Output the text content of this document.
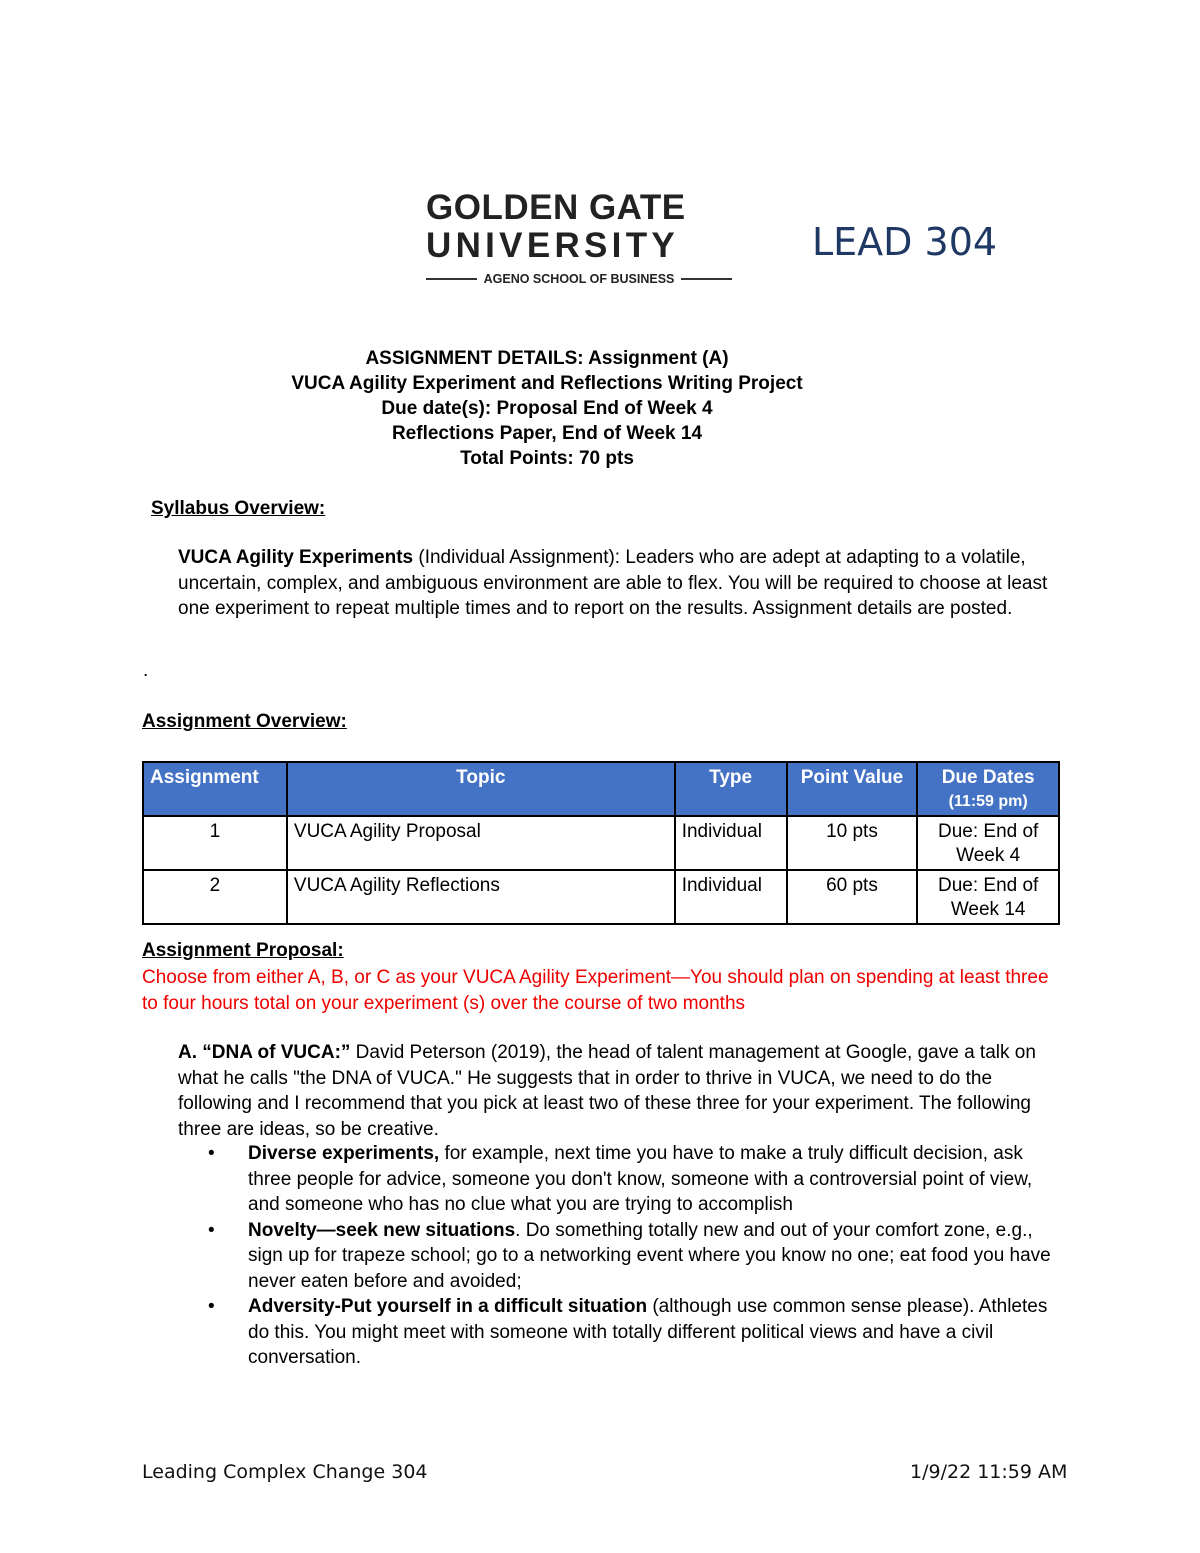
GOLDEN GATE
UNIVERSITY
AGENO SCHOOL OF BUSINESS
LEAD 304
ASSIGNMENT DETAILS: Assignment (A)
VUCA Agility Experiment and Reflections Writing Project
Due date(s): Proposal End of Week 4
Reflections Paper, End of Week 14
Total Points: 70 pts
Syllabus Overview:
VUCA Agility Experiments (Individual Assignment): Leaders who are adept at adapting to a volatile, uncertain, complex, and ambiguous environment are able to flex. You will be required to choose at least one experiment to repeat multiple times and to report on the results. Assignment details are posted.
.
Assignment Overview:
Assignment	Topic	Type	Point Value	Due Dates
(11:59 pm)

1	VUCA Agility Proposal	Individual	10 pts	Due: End of Week 4
2	VUCA Agility Reflections	Individual	60 pts	Due: End of Week 14
Assignment Proposal:
Choose from either A, B, or C as your VUCA Agility Experiment—You should plan on spending at least three to four hours total on your experiment (s) over the course of two months
A. “DNA of VUCA:” David Peterson (2019), the head of talent management at Google, gave a talk on what he calls "the DNA of VUCA." He suggests that in order to thrive in VUCA, we need to do the following and I recommend that you pick at least two of these three for your experiment. The following three are ideas, so be creative.
• Diverse experiments, for example, next time you have to make a truly difficult decision, ask three people for advice, someone you don't know, someone with a controversial point of view, and someone who has no clue what you are trying to accomplish
• Novelty—seek new situations. Do something totally new and out of your comfort zone, e.g., sign up for trapeze school; go to a networking event where you know no one; eat food you have never eaten before and avoided;
• Adversity-Put yourself in a difficult situation (although use common sense please). Athletes do this. You might meet with someone with totally different political views and have a civil conversation.
Leading Complex Change 304	1/9/22 11:59 AM
